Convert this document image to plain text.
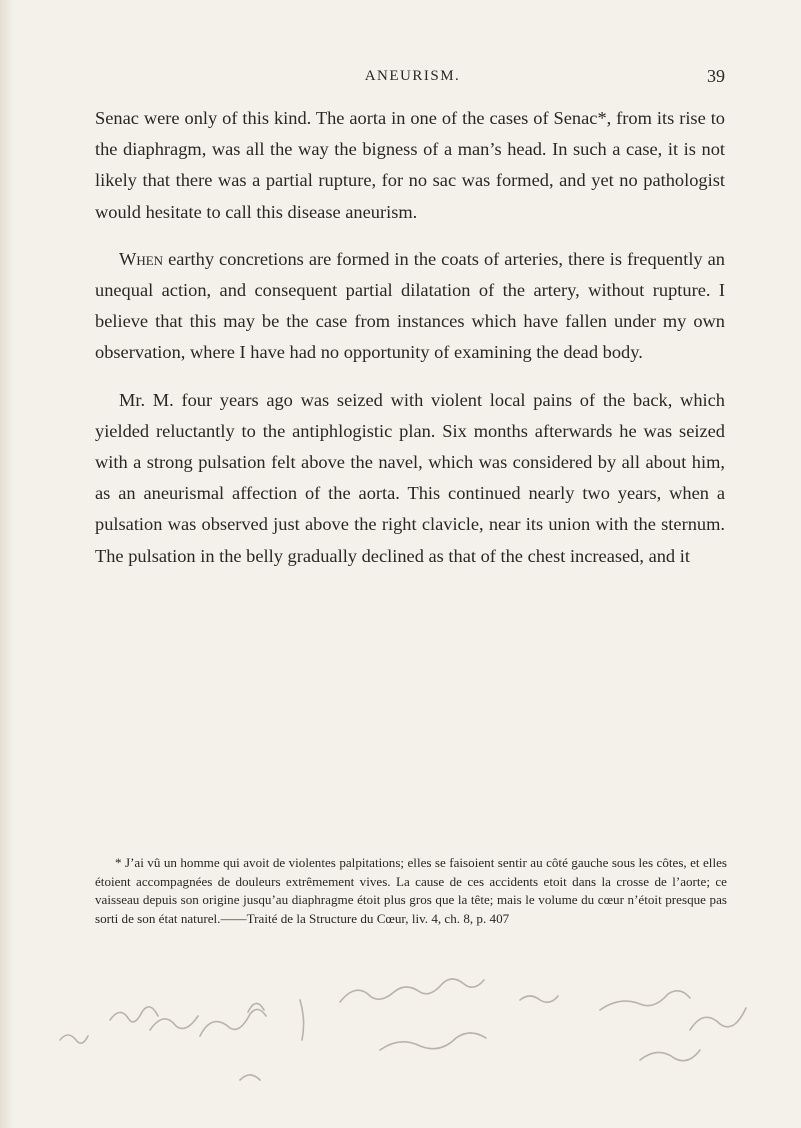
ANEURISM.	39

Senac were only of this kind. The aorta in one of the cases of Senac*, from its rise to the diaphragm, was all the way the bigness of a man’s head. In such a case, it is not likely that there was a partial rupture, for no sac was formed, and yet no pathologist would hesitate to call this disease aneurism.

When earthy concretions are formed in the coats of arteries, there is frequently an unequal action, and consequent partial dilatation of the artery, without rupture. I believe that this may be the case from instances which have fallen under my own observation, where I have had no opportunity of examining the dead body.

Mr. M. four years ago was seized with violent local pains of the back, which yielded reluctantly to the antiphlogistic plan. Six months afterwards he was seized with a strong pulsation felt above the navel, which was considered by all about him, as an aneurismal affection of the aorta. This continued nearly two years, when a pulsation was observed just above the right clavicle, near its union with the sternum. The pulsation in the belly gradually declined as that of the chest increased, and it

* J’ai vû un homme qui avoit de violentes palpitations; elles se faisoient sentir au côté gauche sous les côtes, et elles étoient accompagnées de douleurs extrêmement vives. La cause de ces accidents etoit dans la crosse de l’aorte; ce vaisseau depuis son origine jusqu’au diaphragme étoit plus gros que la tête; mais le volume du cœur n’étoit presque pas sorti de son état naturel.——Traité de la Structure du Cœur, liv. 4, ch. 8, p. 407
